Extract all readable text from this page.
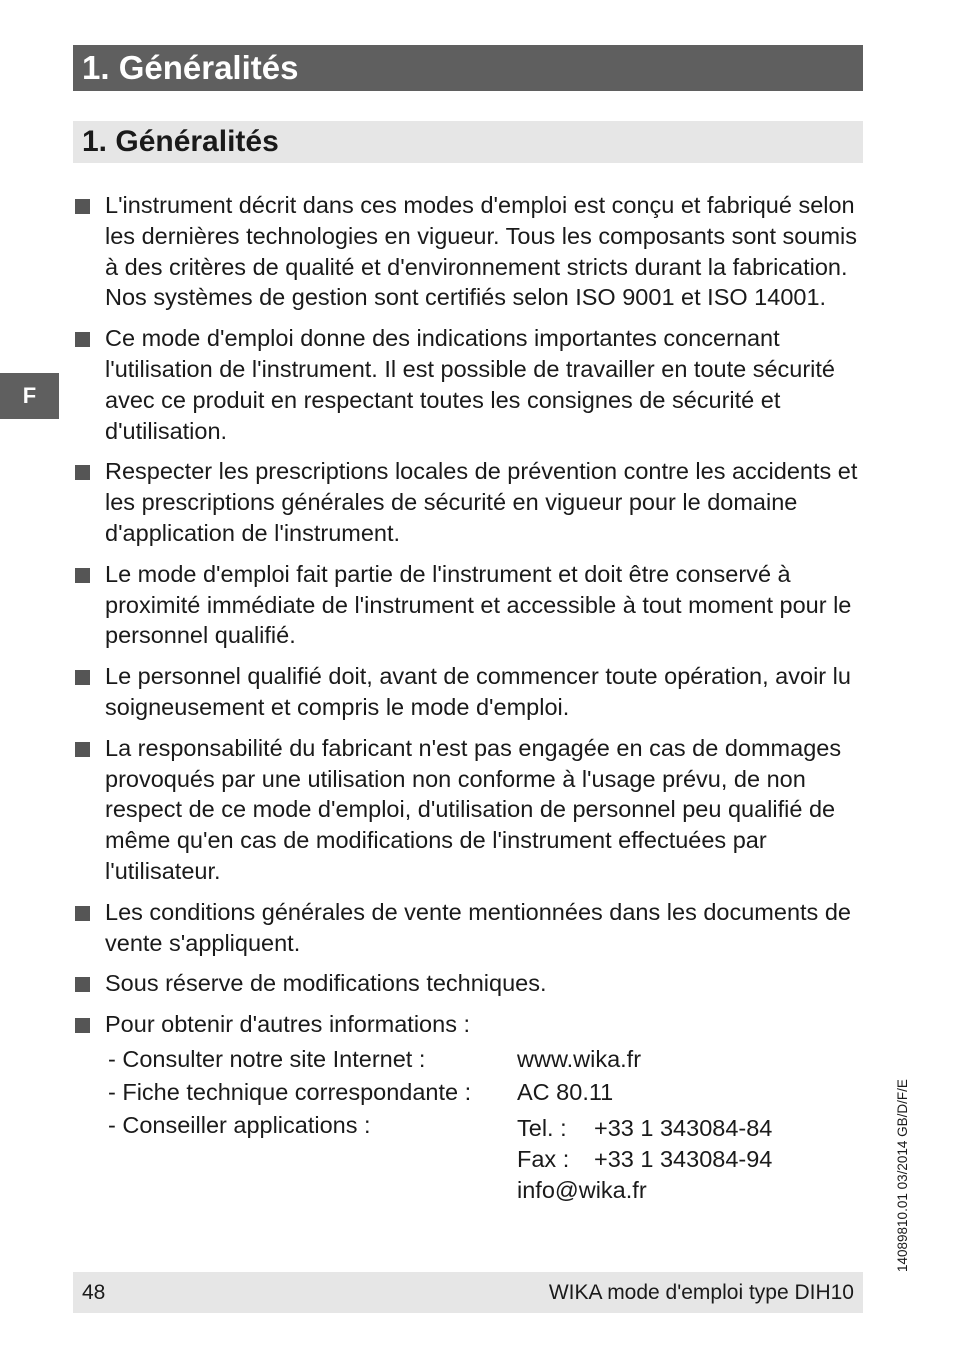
1. Généralités
1. Généralités
F

L'instrument décrit dans ces modes d'emploi est conçu et fabriqué selon les dernières technologies en vigueur. Tous les composants sont soumis à des critères de qualité et d'environnement stricts durant la fabrication. Nos systèmes de gestion sont certifiés selon ISO 9001 et ISO 14001.

Ce mode d'emploi donne des indications importantes concernant l'utilisation de l'instrument. Il est possible de travailler en toute sécurité avec ce produit en respectant toutes les consignes de sécurité et d'utilisation.

Respecter les prescriptions locales de prévention contre les accidents et les prescriptions générales de sécurité en vigueur pour le domaine d'application de l'instrument.

Le mode d'emploi fait partie de l'instrument et doit être conservé à proximité immédiate de l'instrument et accessible à tout moment pour le personnel qualifié.

Le personnel qualifié doit, avant de commencer toute opération, avoir lu soigneusement et compris le mode d'emploi.

La responsabilité du fabricant n'est pas engagée en cas de dommages provoqués par une utilisation non conforme à l'usage prévu, de non respect de ce mode d'emploi, d'utilisation de personnel peu qualifié de même qu'en cas de modifications de l'instrument effectuées par l'utilisateur.

Les conditions générales de vente mentionnées dans les documents de vente s'appliquent.

Sous réserve de modifications techniques.

Pour obtenir d'autres informations :

- Consulter notre site Internet :	www.wika.fr
- Fiche technique correspondante :	AC 80.11
- Conseiller applications :	Tel. :	+33 1 343084-84
Fax :	+33 1 343084-94
info@wika.fr	14089810.01 03/2014 GB/D/F/E
48	WIKA mode d'emploi type DIH10
